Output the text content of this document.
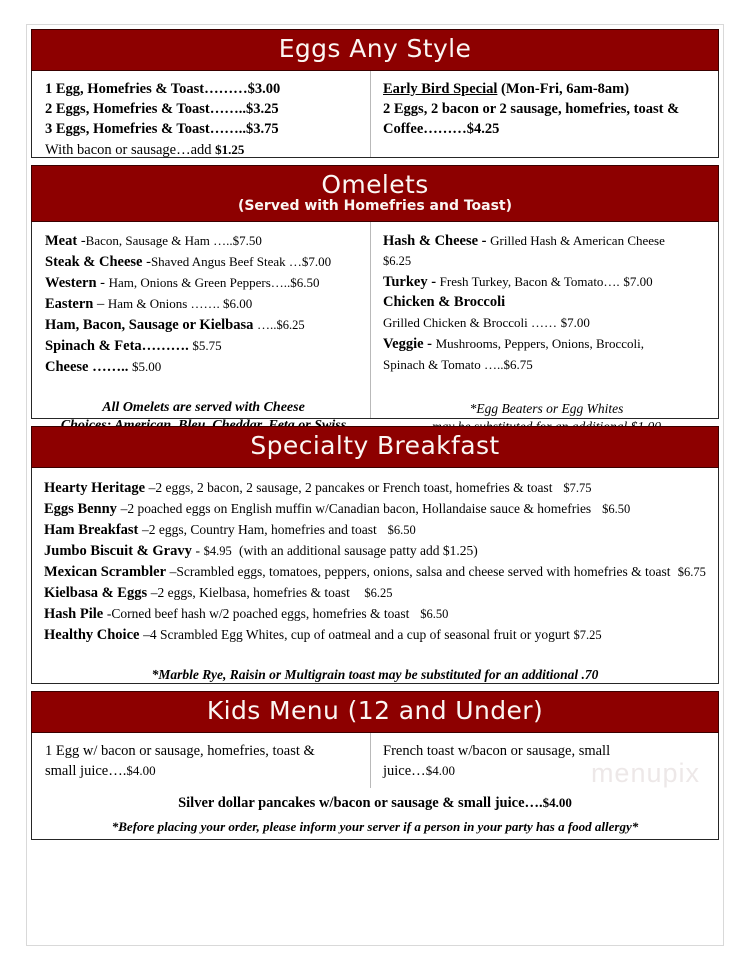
Eggs Any Style
1 Egg, Homefries & Toast………$3.00
2 Eggs, Homefries & Toast……..$3.25
3 Eggs, Homefries & Toast……..$3.75
With bacon or sausage…add $1.25
Early Bird Special (Mon-Fri, 6am-8am)
2 Eggs, 2 bacon or 2 sausage, homefries, toast &
Coffee………$4.25
Omelets
(Served with Homefries and Toast)
Meat -Bacon, Sausage & Ham …..$7.50
Steak & Cheese -Shaved Angus Beef Steak …$7.00
Western - Ham, Onions & Green Peppers…..$6.50
Eastern – Ham & Onions ……. $6.00
Ham, Bacon, Sausage or Kielbasa …..$6.25
Spinach & Feta………. $5.75
Cheese …….. $5.00
All Omelets are served with Cheese
Hash & Cheese - Grilled Hash & American Cheese
$6.25
Turkey - Fresh Turkey, Bacon & Tomato…. $7.00
Chicken & Broccoli
Grilled Chicken & Broccoli …… $7.00
Veggie - Mushrooms, Peppers, Onions, Broccoli,
Spinach & Tomato …..$6.75
*Egg Beaters or Egg Whites
Specialty Breakfast
Hearty Heritage –2 eggs, 2 bacon, 2 sausage, 2 pancakes or French toast, homefries & toast $7.75
Eggs Benny –2 poached eggs on English muffin w/Canadian bacon, Hollandaise sauce & homefries $6.50
Ham Breakfast –2 eggs, Country Ham, homefries and toast $6.50
Jumbo Biscuit & Gravy - $4.95 (with an additional sausage patty add $1.25)
Mexican Scrambler –Scrambled eggs, tomatoes, peppers, onions, salsa and cheese served with homefries & toast $6.75
Kielbasa & Eggs –2 eggs, Kielbasa, homefries & toast $6.25
Hash Pile -Corned beef hash w/2 poached eggs, homefries & toast $6.50
Healthy Choice –4 Scrambled Egg Whites, cup of oatmeal and a cup of seasonal fruit or yogurt $7.25
*Marble Rye, Raisin or Multigrain toast may be substituted for an additional .70
Kids Menu (12 and Under)
1 Egg w/ bacon or sausage, homefries, toast &
small juice….$4.00
French toast w/bacon or sausage, small
juice…$4.00
Silver dollar pancakes w/bacon or sausage & small juice….$4.00
*Before placing your order, please inform your server if a person in your party has a food allergy*
menupix
